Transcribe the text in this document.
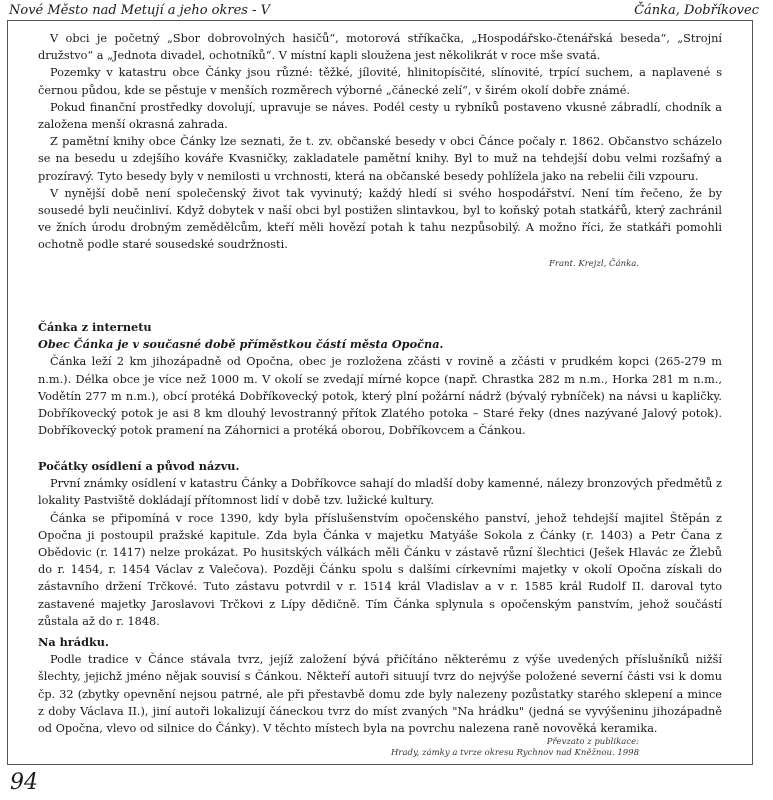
Nové Město nad Metují a jeho okres - V	Čánka, Dobříkovec

V obci je početný „Sbor dobrovolných hasičů“, motorová stříkačka, „Hospodářsko-čtenářská beseda“, „Strojní družstvo“ a „Jednota divadel, ochotníků“. V místní kapli sloužena jest několikrát v roce mše svatá.

Pozemky v katastru obce Čánky jsou různé: těžké, jílovité, hlinitopísčité, slínovité, trpící suchem, a naplavené s černou půdou, kde se pěstuje v menších rozměrech výborné „čánecké zelí“, v širém okolí dobře známé.

Pokud finanční prostředky dovolují, upravuje se náves. Podél cesty u rybníků postaveno vkusné zábradlí, chodník a založena menší okrasná zahrada.

Z pamětní knihy obce Čánky lze seznati, že t. zv. občanské besedy v obci Čánce počaly r. 1862. Občanstvo scházelo se na besedu u zdejšího kováře Kvasničky, zakladatele pamětní knihy. Byl to muž na tehdejší dobu velmi rozšafný a prozíravý. Tyto besedy byly v nemilosti u vrchnosti, která na občanské besedy pohlížela jako na rebelii čili vzpouru.

V nynější době není společenský život tak vyvinutý; každý hledí si svého hospodářství. Není tím řečeno, že by sousedé byli neučinliví. Když dobytek v naší obci byl postižen slintavkou, byl to koňský potah statkářů, který zachránil ve žních úrodu drobným zemědělcům, kteří měli hovězí potah k tahu nezpůsobilý. A možno říci, že statkáři pomohli ochotně podle staré sousedské soudržnosti.

Frant. Krejzl, Čánka.
Čánka z internetu
Obec Čánka je v současné době příměstkou částí města Opočna.

Čánka leží 2 km jihozápadně od Opočna, obec je rozložena zčásti v rovině a zčásti v prudkém kopci (265-279 m n.m.). Délka obce je více než 1000 m. V okolí se zvedají mírné kopce (např. Chrastka 282 m n.m., Horka 281 m n.m., Vodětín 277 m n.m.), obcí protéká Dobříkovecký potok, který plní požární nádrž (bývalý rybníček) na návsi u kapličky. Dobříkovecký potok je asi 8 km dlouhý levostranný přítok Zlatého potoka – Staré řeky (dnes nazývané Jalový potok). Dobříkovecký potok pramení na Záhornici a protéká oborou, Dobříkovcem a Čánkou.

Počátky osídlení a původ názvu.

První známky osídlení v katastru Čánky a Dobříkovce sahají do mladší doby kamenné, nálezy bronzových předmětů z lokality Pastviště dokládají přítomnost lidí v době tzv. lužické kultury.

Čánka se připomíná v roce 1390, kdy byla příslušenstvím opočenského panství, jehož tehdejší majitel Štěpán z Opočna ji postoupil pražské kapitule. Zda byla Čánka v majetku Matyáše Sokola z Čánky (r. 1403) a Petr Čana z Obědovic (r. 1417) nelze prokázat. Po husitských válkách měli Čánku v zástavě různí šlechtici (Ješek Hlavác ze Žlebů do r. 1454, r. 1454 Václav z Valečova). Později Čánku spolu s dalšími církevními majetky v okolí Opočna získali do zástavního držení Trčkové. Tuto zástavu potvrdil v r. 1514 král Vladislav a v r. 1585 král Rudolf II. daroval tyto zastavené majetky Jaroslavovi Trčkovi z Lípy dědičně. Tím Čánka splynula s opočenským panstvím, jehož součástí zůstala až do r. 1848.

Na hrádku.

Podle tradice v Čánce stávala tvrz, jejíž založení bývá přičítáno některému z výše uvedených příslušníků nižší šlechty, jejichž jméno nějak souvisí s Čánkou. Někteří autoři situují tvrz do nejvýše položené severní části vsi k domu čp. 32 (zbytky opevnění nejsou patrné, ale při přestavbě domu zde byly nalezeny pozůstatky starého sklepení a mince z doby Václava II.), jiní autoři lokalizují čáneckou tvrz do míst zvaných "Na hrádku" (jedná se vyvýšeninu jihozápadně od Opočna, vlevo od silnice do Čánky). V těchto místech byla na povrchu nalezena raně novověká keramika.

Převzato z publikace:
Hrady, zámky a tvrze okresu Rychnov nad Kněžnou. 1998
94
